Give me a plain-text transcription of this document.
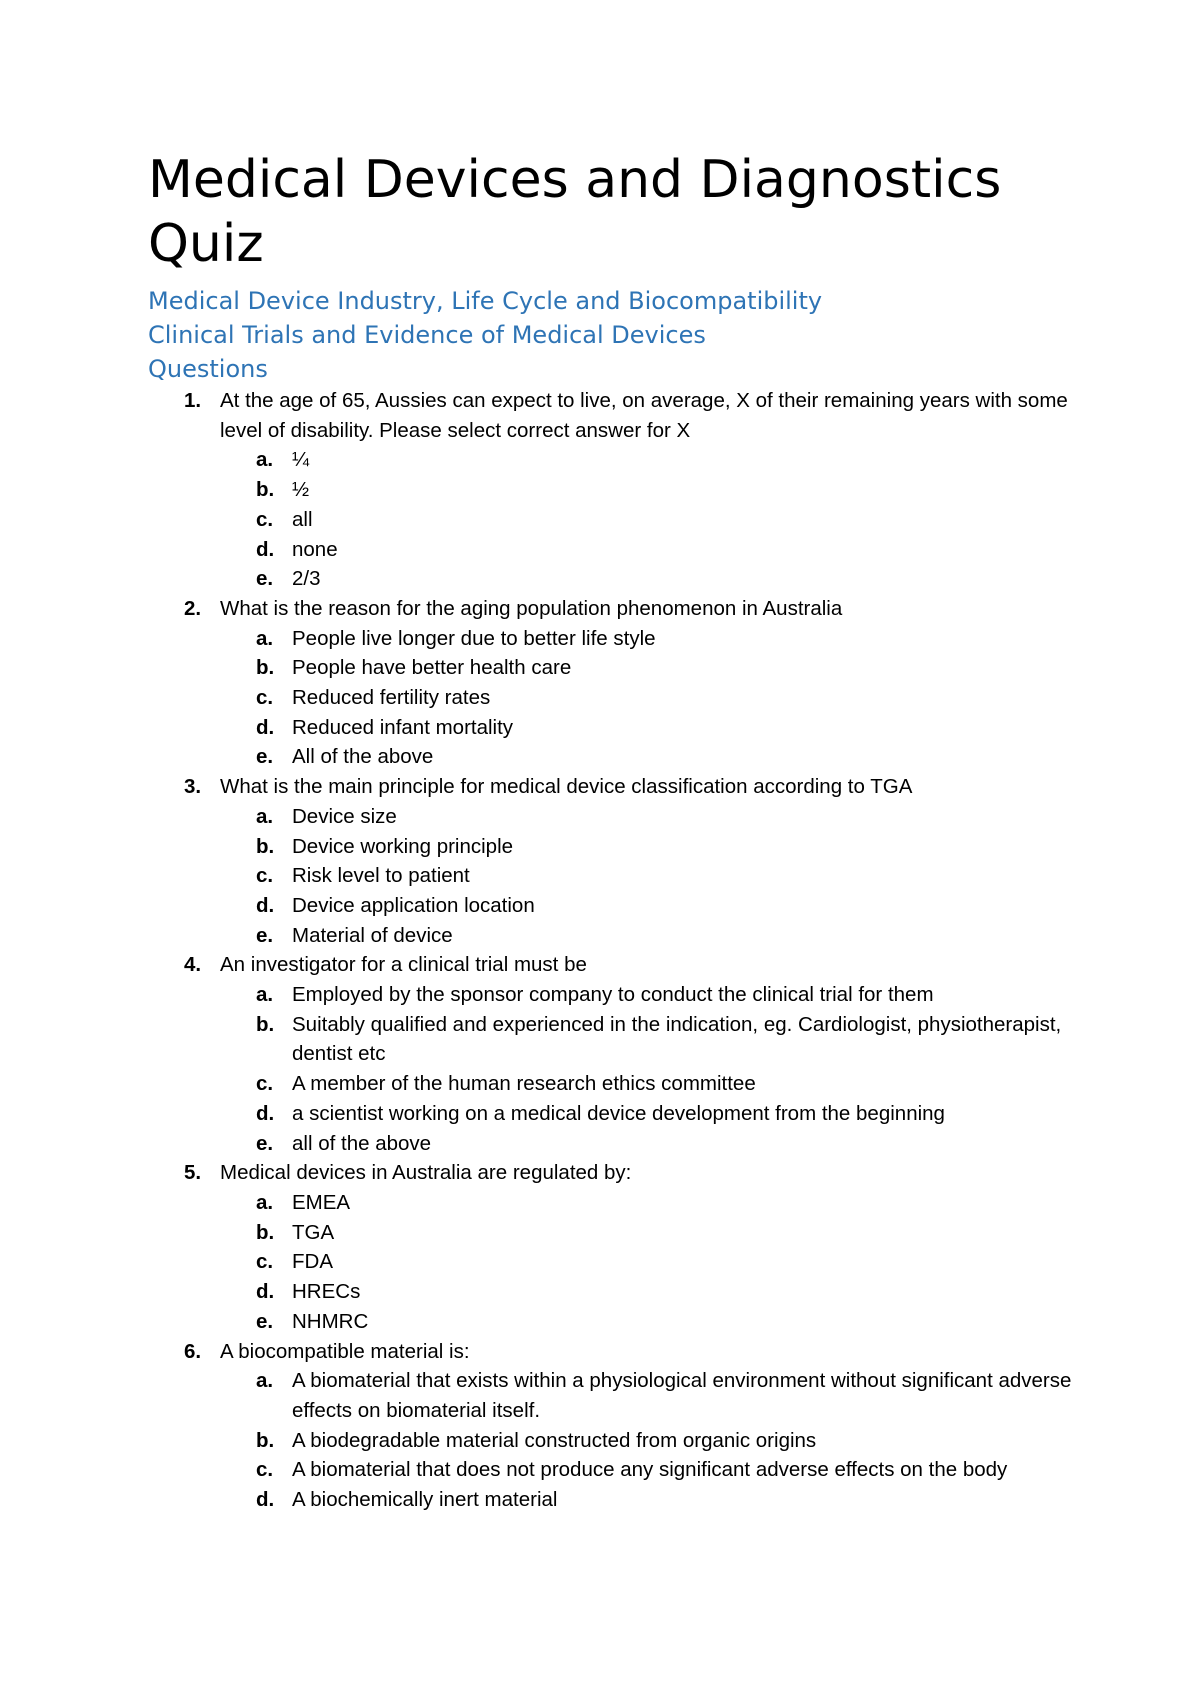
Medical Devices and Diagnostics Quiz
Medical Device Industry, Life Cycle and Biocompatibility
Clinical Trials and Evidence of Medical Devices
Questions
1. At the age of 65, Aussies can expect to live, on average, X of their remaining years with some level of disability. Please select correct answer for X
a. ¼
b. ½
c. all
d. none
e. 2/3
2. What is the reason for the aging population phenomenon in Australia
a. People live longer due to better life style
b. People have better health care
c. Reduced fertility rates
d. Reduced infant mortality
e. All of the above
3. What is the main principle for medical device classification according to TGA
a. Device size
b. Device working principle
c. Risk level to patient
d. Device application location
e. Material of device
4. An investigator for a clinical trial must be
a. Employed by the sponsor company to conduct the clinical trial for them
b. Suitably qualified and experienced in the indication, eg. Cardiologist, physiotherapist, dentist etc
c. A member of the human research ethics committee
d. a scientist working on a medical device development from the beginning
e. all of the above
5. Medical devices in Australia are regulated by:
a. EMEA
b. TGA
c. FDA
d. HRECs
e. NHMRC
6. A biocompatible material is:
a. A biomaterial that exists within a physiological environment without significant adverse effects on biomaterial itself.
b. A biodegradable material constructed from organic origins
c. A biomaterial that does not produce any significant adverse effects on the body
d. A biochemically inert material
